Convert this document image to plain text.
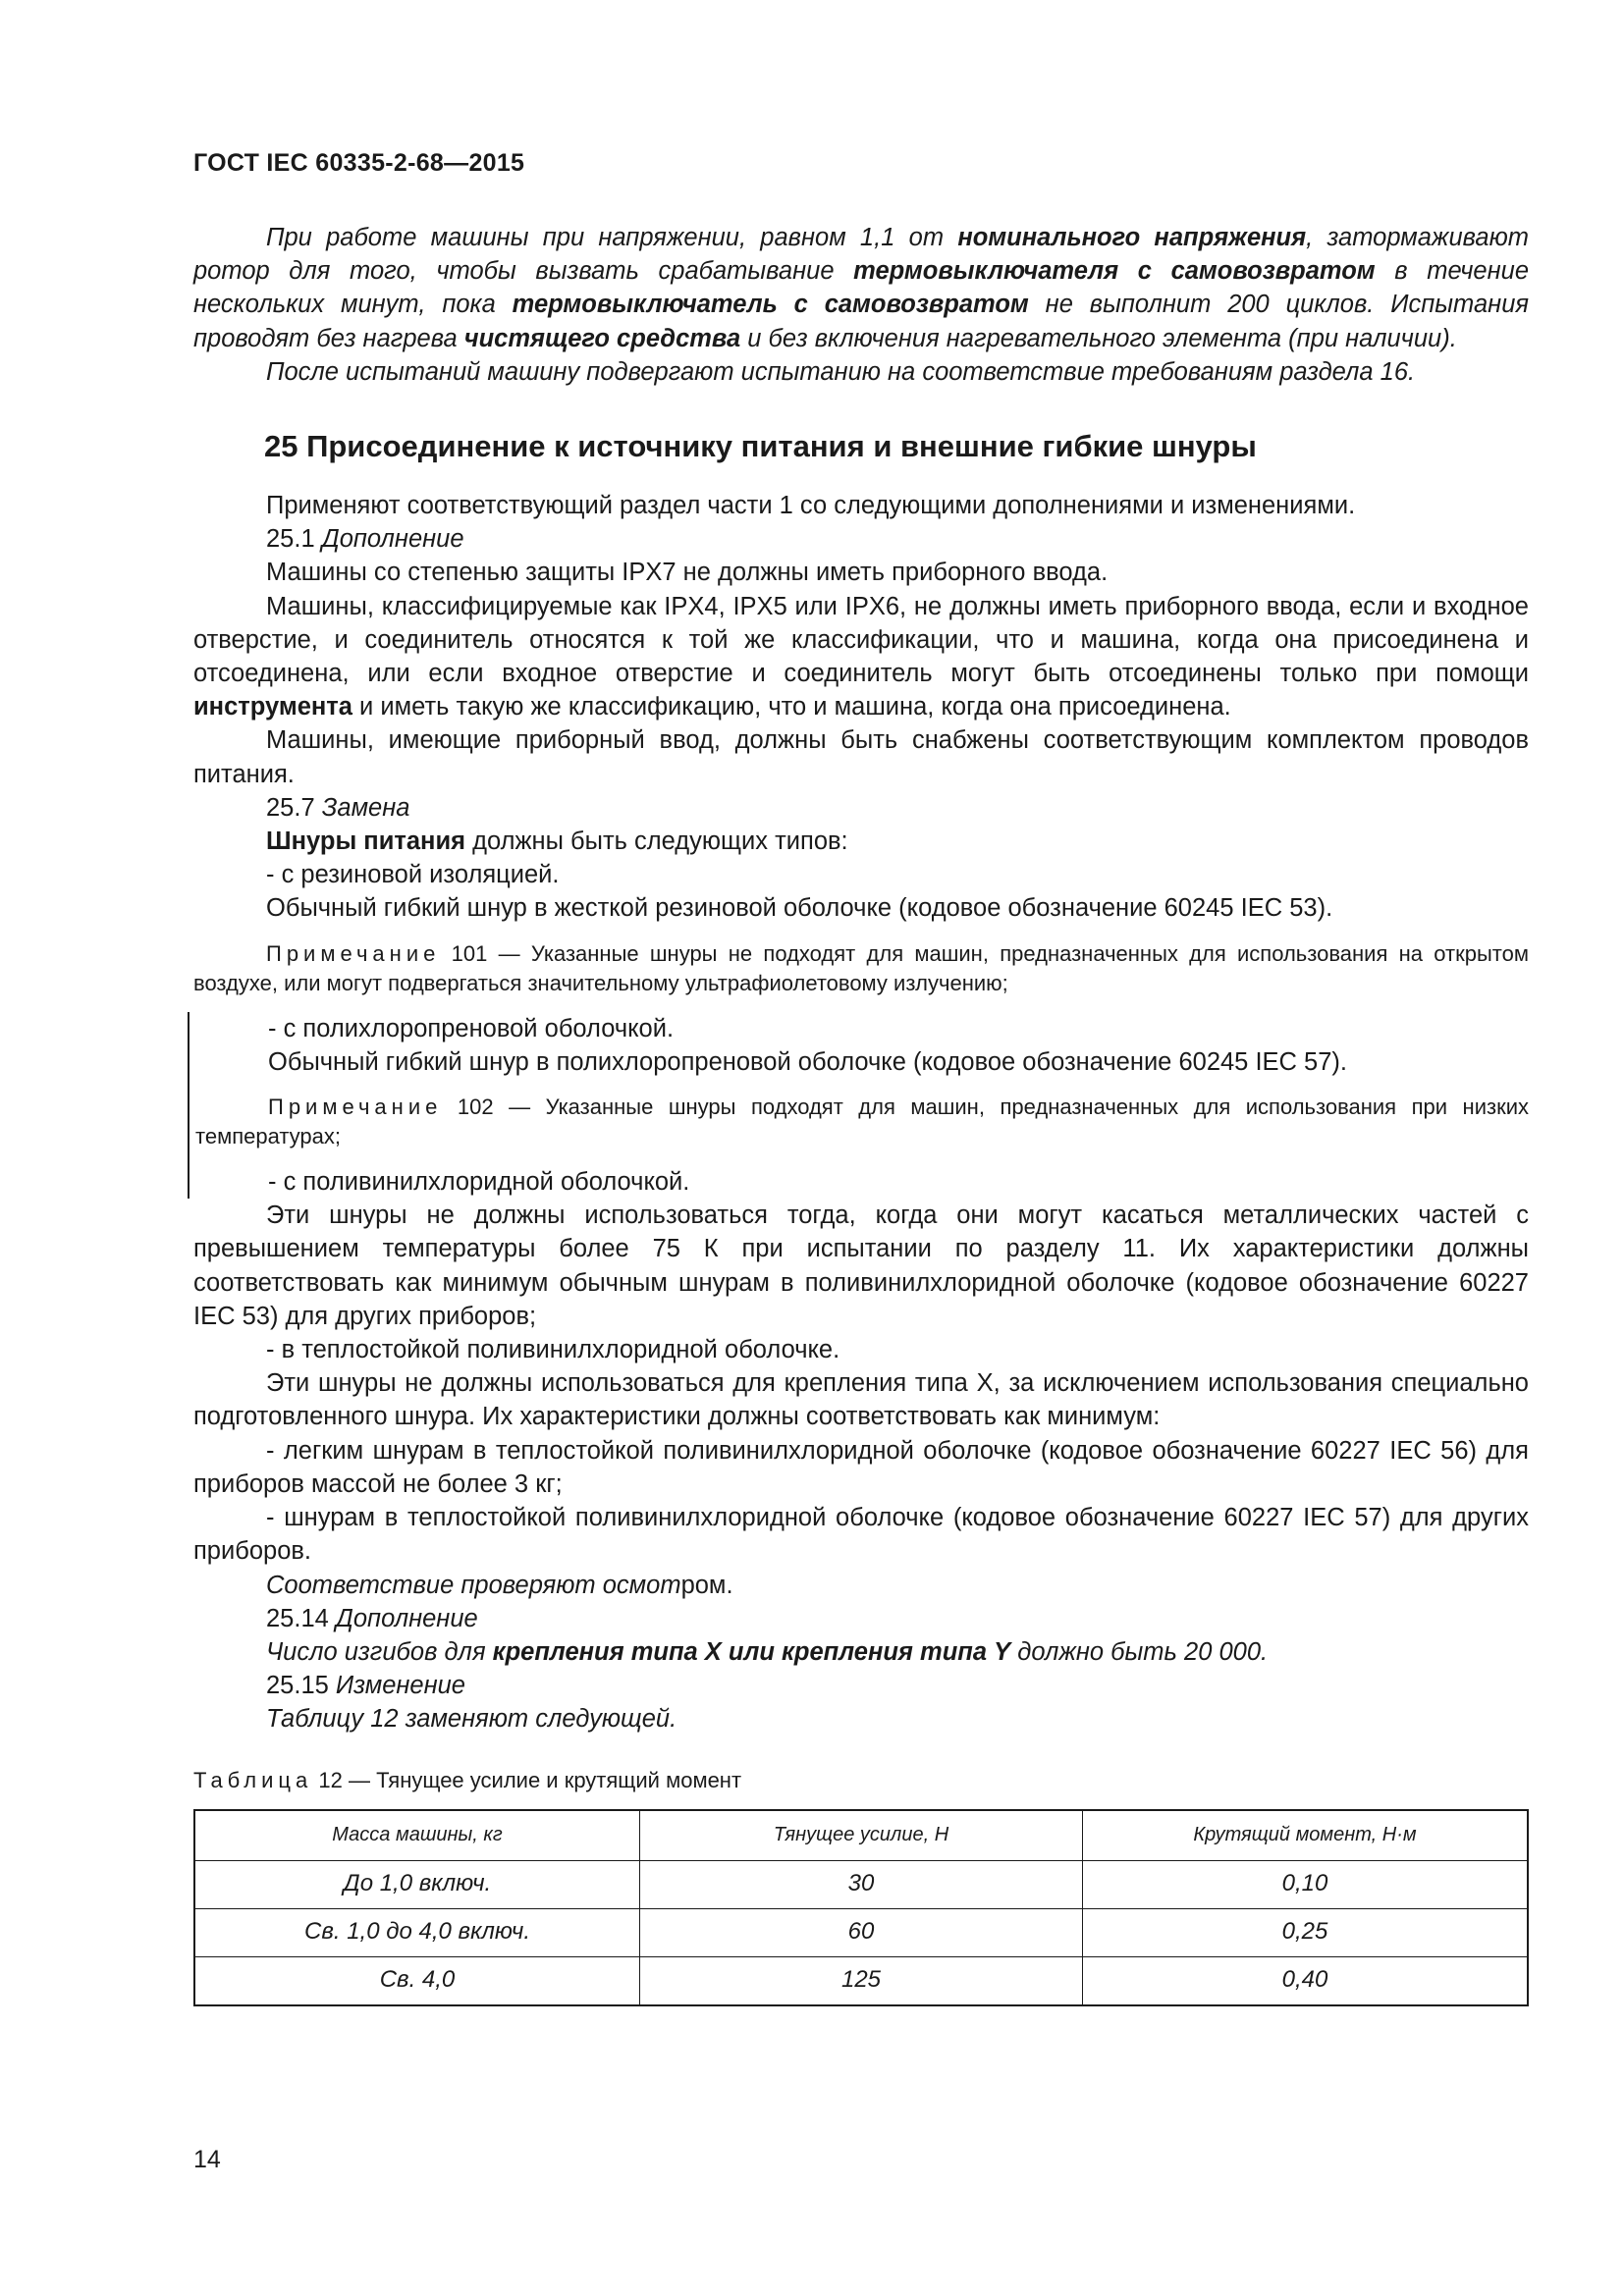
ГОСТ IEC 60335-2-68—2015

При работе машины при напряжении, равном 1,1 от номинального напряжения, затормаживают ротор для того, чтобы вызвать срабатывание термовыключателя с самовозвратом в течение нескольких минут, пока термовыключатель с самовозвратом не выполнит 200 циклов. Испытания проводят без нагрева чистящего средства и без включения нагревательного элемента (при наличии).

После испытаний машину подвергают испытанию на соответствие требованиям раздела 16.

25 Присоединение к источнику питания и внешние гибкие шнуры

Применяют соответствующий раздел части 1 со следующими дополнениями и изменениями.

25.1 Дополнение

Машины со степенью защиты IPX7 не должны иметь приборного ввода.

Машины, классифицируемые как IPX4, IPX5 или IPX6, не должны иметь приборного ввода, если и входное отверстие, и соединитель относятся к той же классификации, что и машина, когда она присоединена и отсоединена, или если входное отверстие и соединитель могут быть отсоединены только при помощи инструмента и иметь такую же классификацию, что и машина, когда она присоединена.

Машины, имеющие приборный ввод, должны быть снабжены соответствующим комплектом проводов питания.

25.7 Замена

Шнуры питания должны быть следующих типов:

- с резиновой изоляцией.

Обычный гибкий шнур в жесткой резиновой оболочке (кодовое обозначение 60245 IEC 53).

Примечание 101 — Указанные шнуры не подходят для машин, предназначенных для использования на открытом воздухе, или могут подвергаться значительному ультрафиолетовому излучению;

- с полихлоропреновой оболочкой.

Обычный гибкий шнур в полихлоропреновой оболочке (кодовое обозначение 60245 IEC 57).

Примечание 102 — Указанные шнуры подходят для машин, предназначенных для использования при низких температурах;

- с поливинилхлоридной оболочкой.

Эти шнуры не должны использоваться тогда, когда они могут касаться металлических частей с превышением температуры более 75 К при испытании по разделу 11. Их характеристики должны соответствовать как минимум обычным шнурам в поливинилхлоридной оболочке (кодовое обозначение 60227 IEC 53) для других приборов;

- в теплостойкой поливинилхлоридной оболочке.

Эти шнуры не должны использоваться для крепления типа X, за исключением использования специально подготовленного шнура. Их характеристики должны соответствовать как минимум:

- легким шнурам в теплостойкой поливинилхлоридной оболочке (кодовое обозначение 60227 IEC 56) для приборов массой не более 3 кг;

- шнурам в теплостойкой поливинилхлоридной оболочке (кодовое обозначение 60227 IEC 57) для других приборов.

Соответствие проверяют осмотром.

25.14 Дополнение

Число изгибов для крепления типа X или крепления типа Y должно быть 20 000.

25.15 Изменение

Таблицу 12 заменяют следующей.

Таблица 12 — Тянущее усилие и крутящий момент
Масса машины, кг	Тянущее усилие, Н	Крутящий момент, Н·м
До 1,0 включ.	30	0,10
Св. 1,0 до 4,0 включ.	60	0,25
Св. 4,0	125	0,40
14
